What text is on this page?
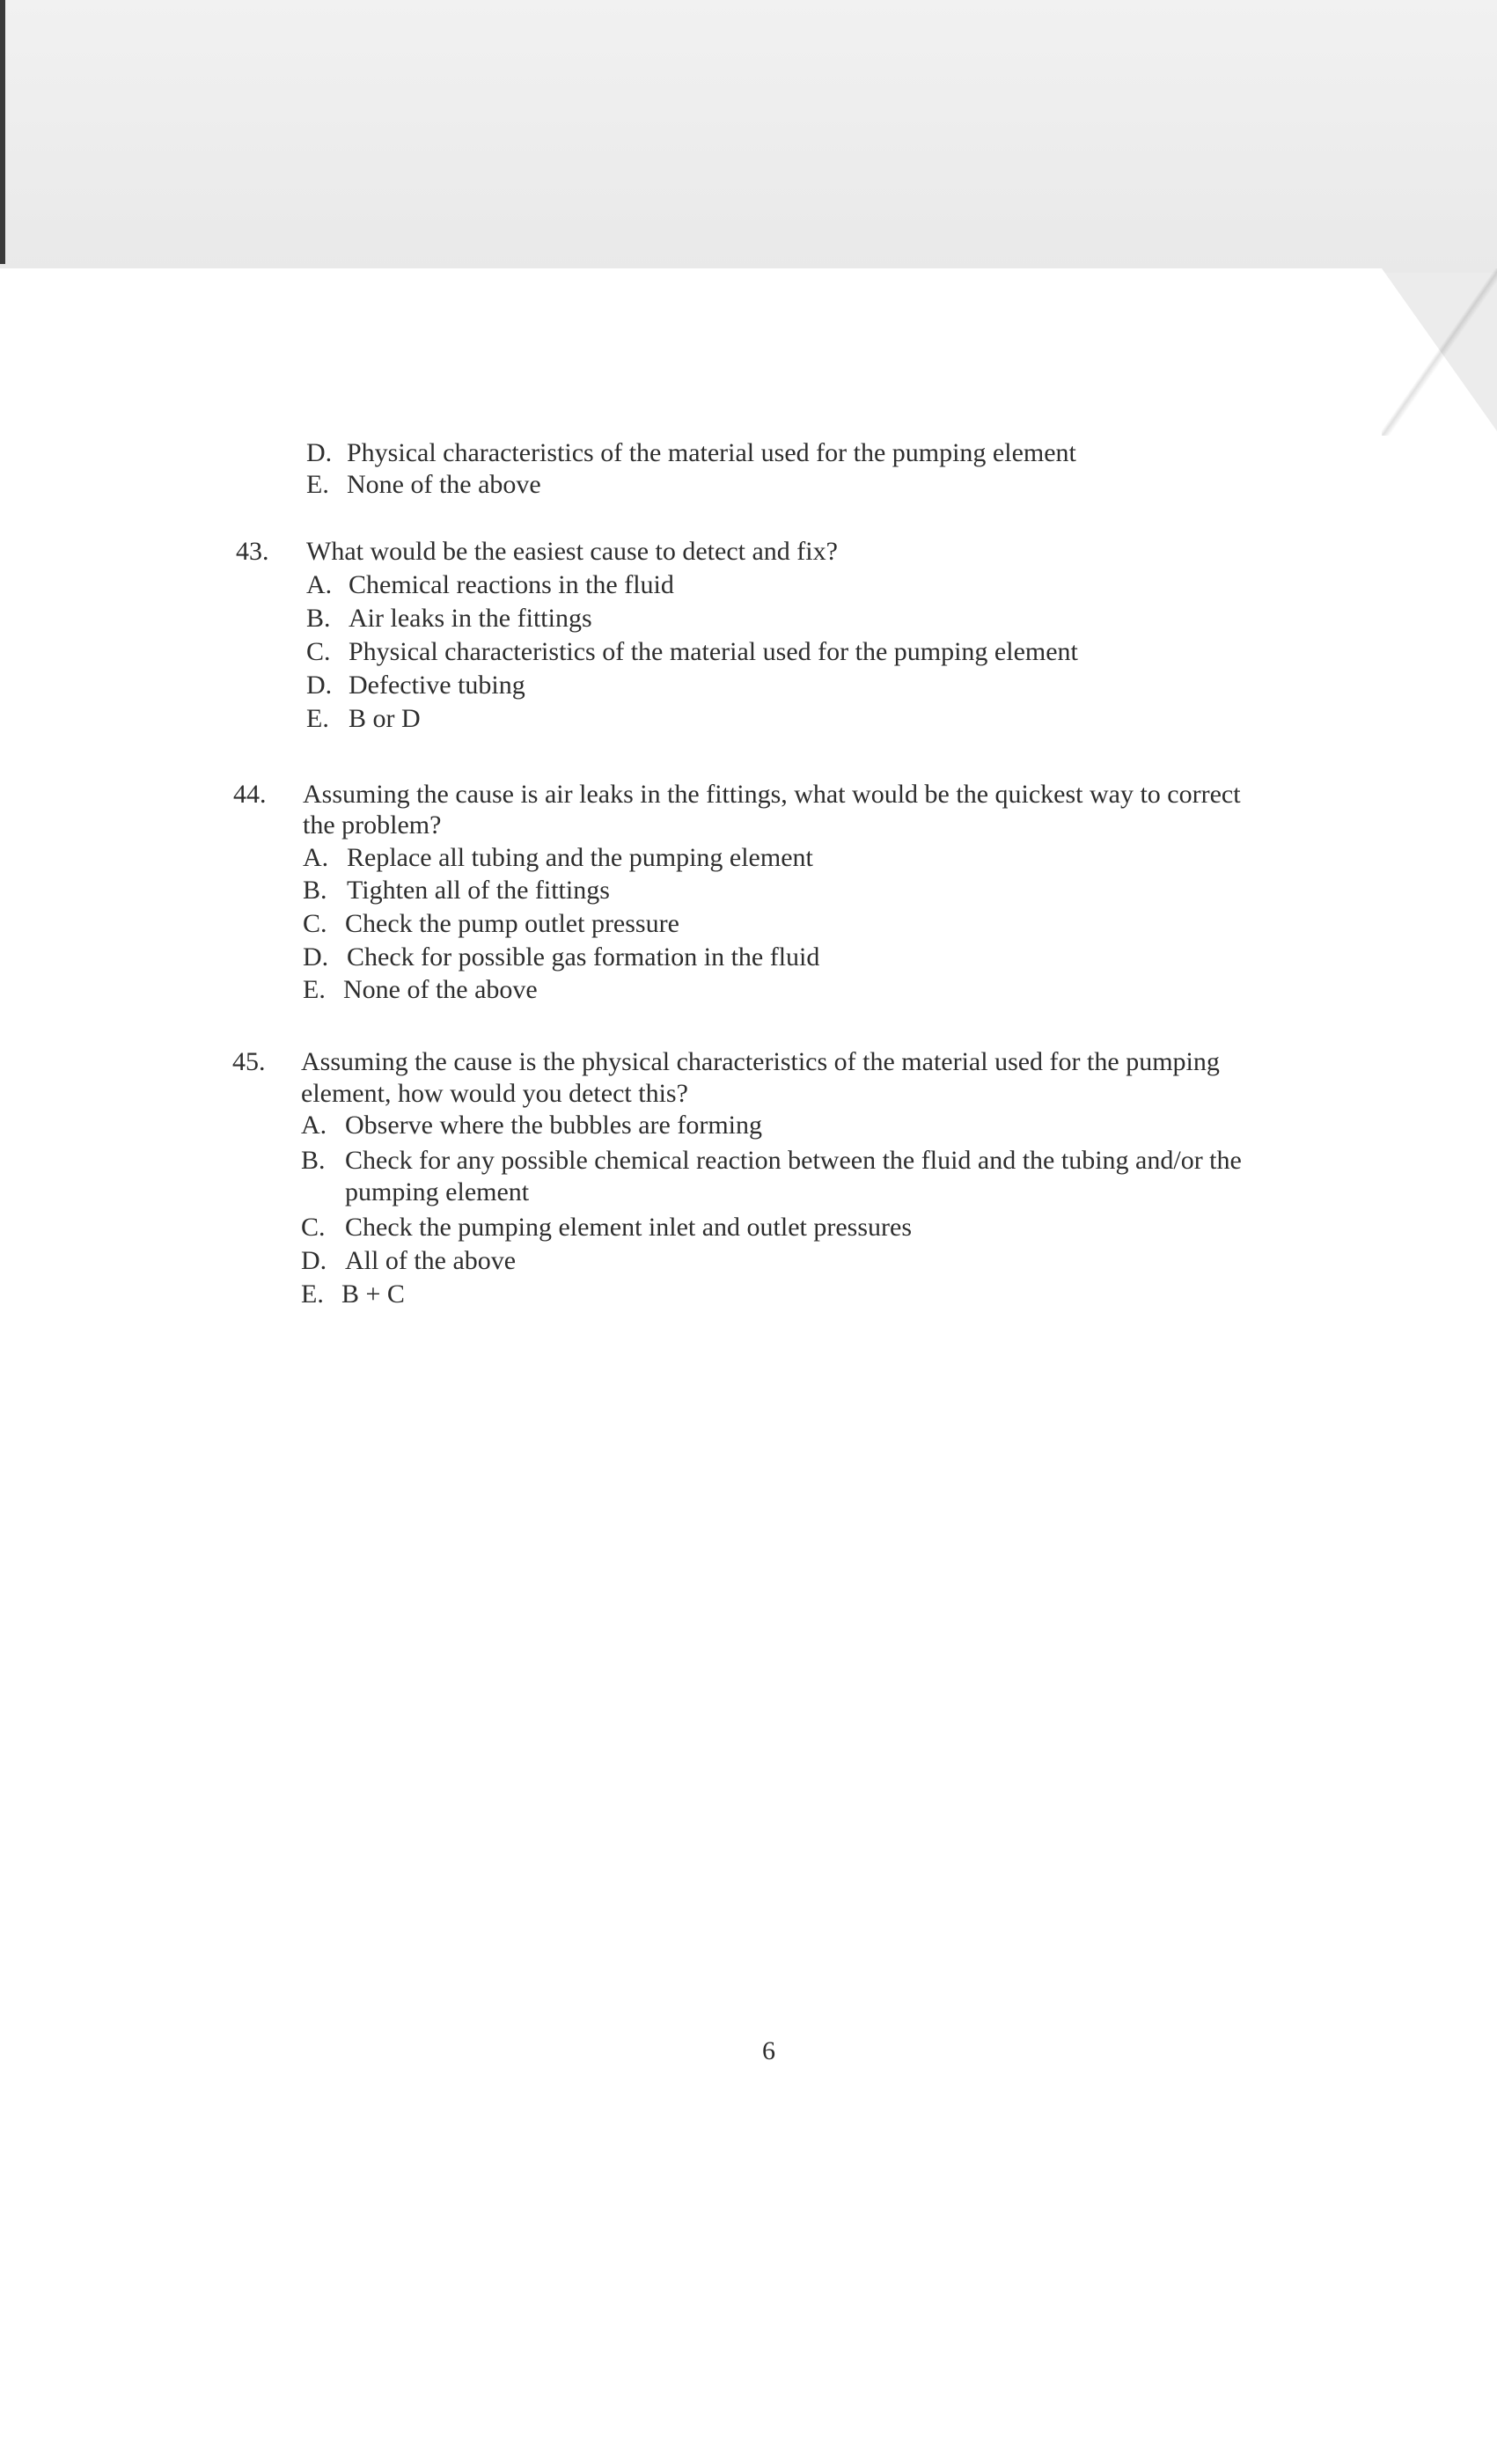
D. Physical characteristics of the material used for the pumping element
E. None of the above
43. What would be the easiest cause to detect and fix?
A. Chemical reactions in the fluid
B. Air leaks in the fittings
C. Physical characteristics of the material used for the pumping element
D. Defective tubing
E. B or D
44. Assuming the cause is air leaks in the fittings, what would be the quickest way to correct
the problem?
A. Replace all tubing and the pumping element
B. Tighten all of the fittings
C. Check the pump outlet pressure
D. Check for possible gas formation in the fluid
E. None of the above
45. Assuming the cause is the physical characteristics of the material used for the pumping
element, how would you detect this?
A. Observe where the bubbles are forming
B. Check for any possible chemical reaction between the fluid and the tubing and/or the
pumping element
C. Check the pumping element inlet and outlet pressures
D. All of the above
E. B + C
6
